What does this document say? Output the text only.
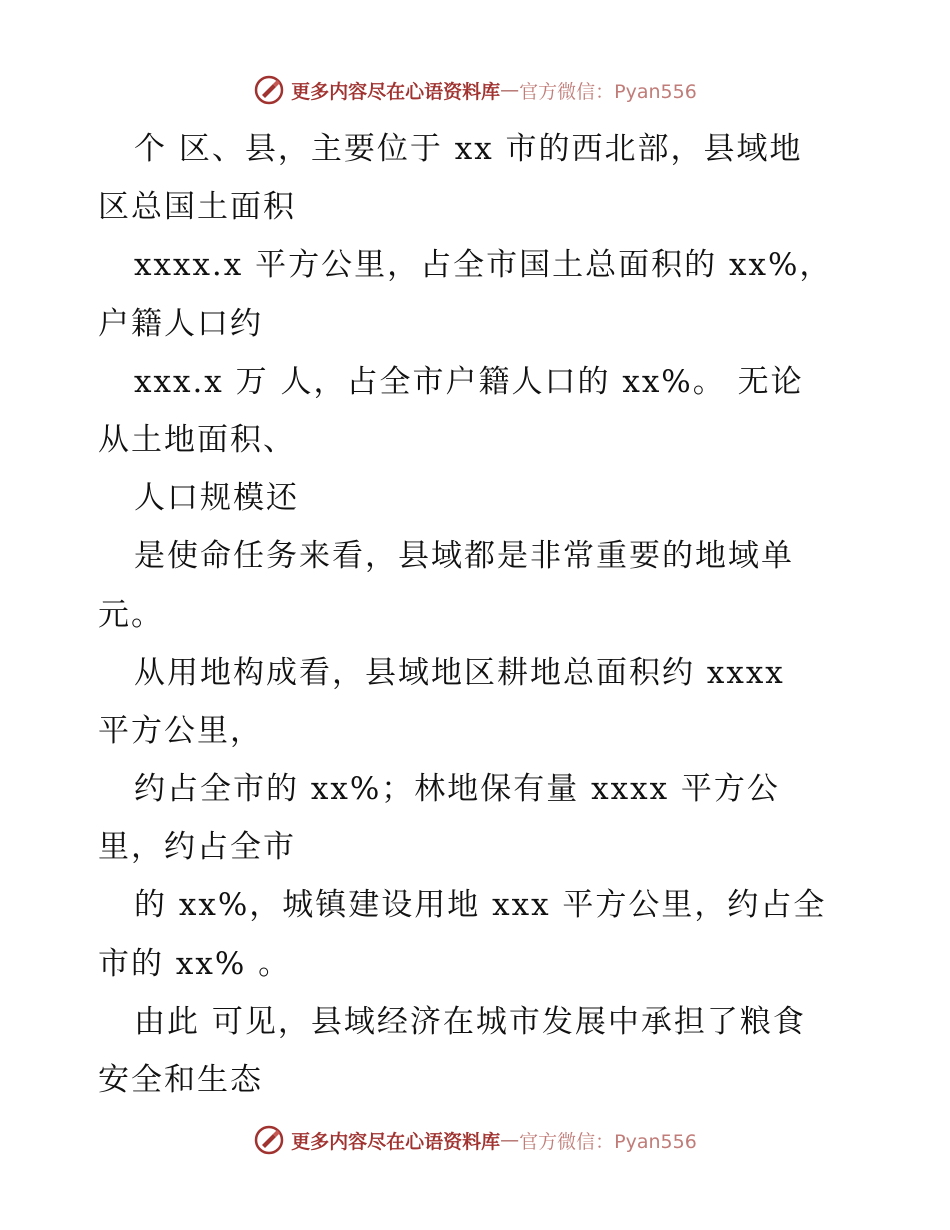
更多内容尽在心语资料库 — 官方微信：Pyan556
个 区、县，主要位于 xx 市的西北部，县域地
区总国土面积
xxxx.x 平方公里，占全市国土总面积的 xx%，
户籍人口约
xxx.x 万 人，占全市户籍人口的 xx%。 无论
从土地面积、
人口规模还
是使命任务来看，县域都是非常重要的地域单
元。
从用地构成看，县域地区耕地总面积约 xxxx
平方公里，
约占全市的 xx%；林地保有量 xxxx 平方公
里，约占全市
的 xx%，城镇建设用地 xxx 平方公里，约占全
市的 xx% 。
由此 可见，县域经济在城市发展中承担了粮食
安全和生态
更多内容尽在心语资料库 — 官方微信：Pyan556
